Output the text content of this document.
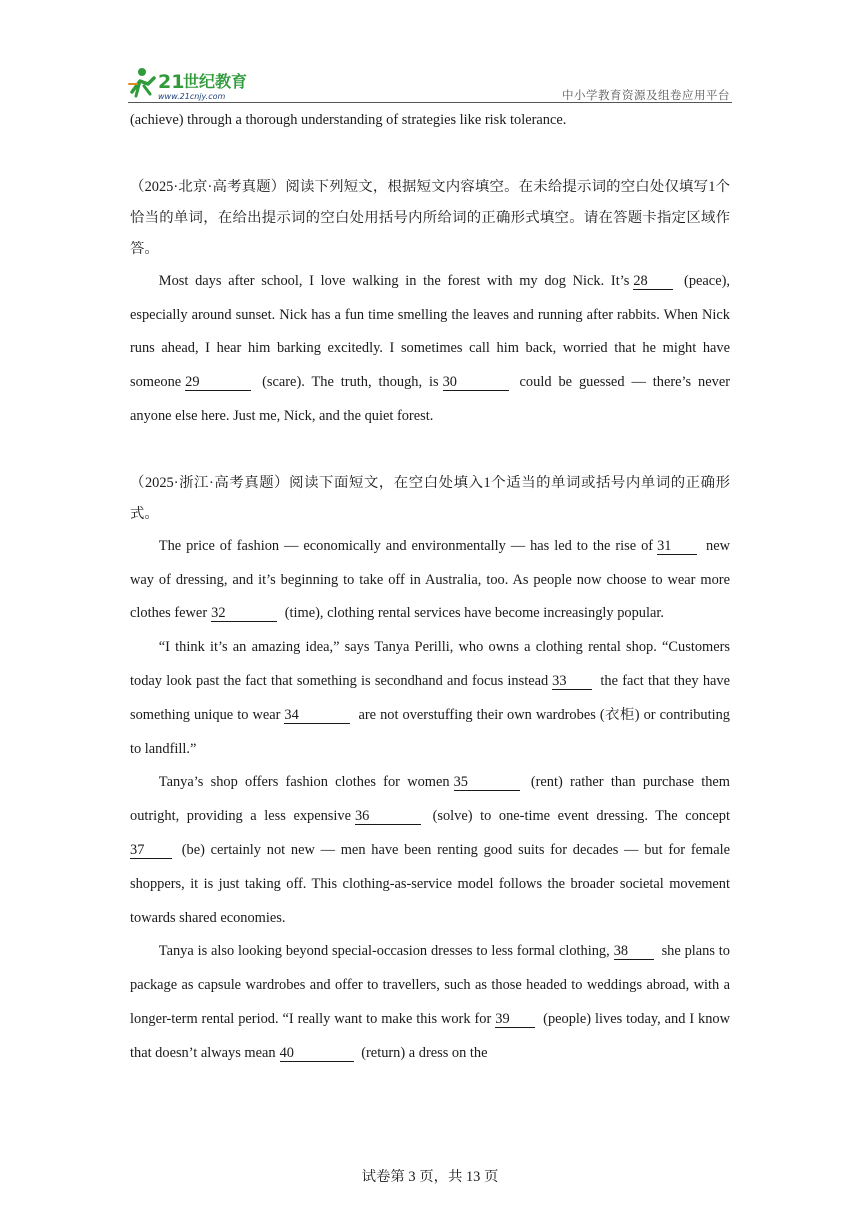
21
世纪教育
www.21cnjy.com	中小学教育资源及组卷应用平台

(achieve) through a thorough understanding of strategies like risk tolerance.

（2025·北京·高考真题）阅读下列短文，根据短文内容填空。在未给提示词的空白处仅填写1个恰当的单词，在给出提示词的空白处用括号内所给词的正确形式填空。请在答题卡指定区域作答。

Most days after school, I love walking in the forest with my dog Nick. It’s 28	(peace), especially around sunset. Nick has a fun time smelling the leaves and running after rabbits. When Nick runs ahead, I hear him barking excitedly. I sometimes call him back, worried that he might have someone 29	(scare). The truth, though, is 30	could be guessed — there’s never anyone else here. Just me, Nick, and the quiet forest.

（2025·浙江·高考真题）阅读下面短文，在空白处填入1个适当的单词或括号内单词的正确形式。

The price of fashion — economically and environmentally — has led to the rise of 31 new way of dressing, and it’s beginning to take off in Australia, too. As people now choose to wear more clothes fewer 32	(time), clothing rental services have become increasingly popular.

“I think it’s an amazing idea,” says Tanya Perilli, who owns a clothing rental shop. “Customers today look past the fact that something is secondhand and focus instead 33 the fact that they have something unique to wear 34	are not overstuffing their own wardrobes (衣柜) or contributing to landfill.”

Tanya’s shop offers fashion clothes for women 35	(rent) rather than purchase them outright, providing a less expensive 36	(solve) to one-time event dressing. The concept 37	(be) certainly not new — men have been renting good suits for decades — but for female shoppers, it is just taking off. This clothing-as-service model follows the broader societal movement towards shared economies.

Tanya is also looking beyond special-occasion dresses to less formal clothing, 38 she plans to package as capsule wardrobes and offer to travellers, such as those headed to weddings abroad, with a longer-term rental period. “I really want to make this work for 39 (people) lives today, and I know that doesn’t always mean 40	(return) a dress on the

试卷第 3 页，共 13 页
